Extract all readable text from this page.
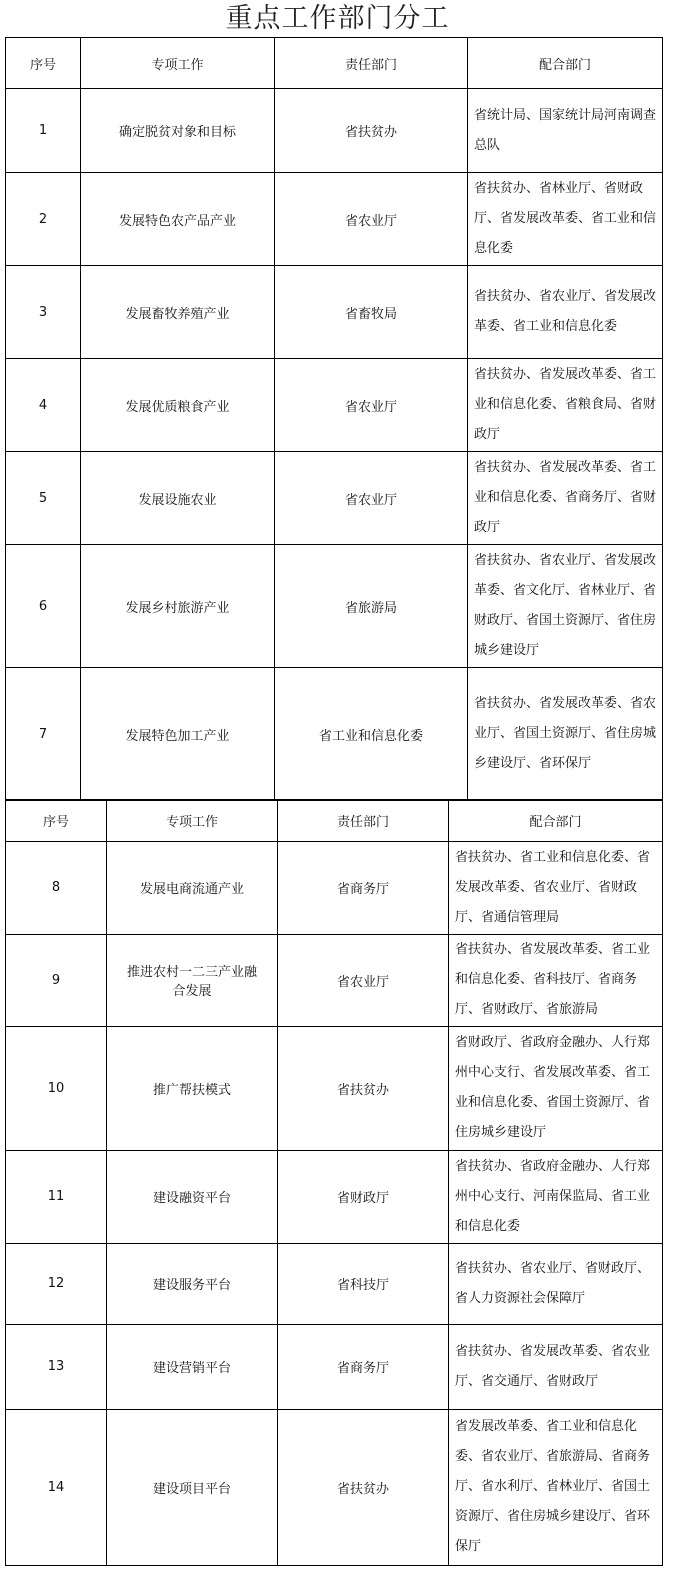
重点工作部门分工
序号	专项工作	责任部门	配合部门
1	确定脱贫对象和目标	省扶贫办	省统计局、国家统计局河南调查总队
2	发展特色农产品产业	省农业厅	省扶贫办、省林业厅、省财政厅、省发展改革委、省工业和信息化委
3	发展畜牧养殖产业	省畜牧局	省扶贫办、省农业厅、省发展改革委、省工业和信息化委
4	发展优质粮食产业	省农业厅	省扶贫办、省发展改革委、省工业和信息化委、省粮食局、省财政厅
5	发展设施农业	省农业厅	省扶贫办、省发展改革委、省工业和信息化委、省商务厅、省财政厅
6	发展乡村旅游产业	省旅游局	省扶贫办、省农业厅、省发展改革委、省文化厅、省林业厅、省财政厅、省国土资源厅、省住房城乡建设厅
7	发展特色加工产业	省工业和信息化委	省扶贫办、省发展改革委、省农业厅、省国土资源厅、省住房城乡建设厅、省环保厅
序号	专项工作	责任部门	配合部门
8	发展电商流通产业	省商务厅	省扶贫办、省工业和信息化委、省发展改革委、省农业厅、省财政厅、省通信管理局
9	推进农村一二三产业融合发展	省农业厅	省扶贫办、省发展改革委、省工业和信息化委、省科技厅、省商务厅、省财政厅、省旅游局
10	推广帮扶模式	省扶贫办	省财政厅、省政府金融办、人行郑州中心支行、省发展改革委、省工业和信息化委、省国土资源厅、省住房城乡建设厅
11	建设融资平台	省财政厅	省扶贫办、省政府金融办、人行郑州中心支行、河南保监局、省工业和信息化委
12	建设服务平台	省科技厅	省扶贫办、省农业厅、省财政厅、省人力资源社会保障厅
13	建设营销平台	省商务厅	省扶贫办、省发展改革委、省农业厅、省交通厅、省财政厅
14	建设项目平台	省扶贫办	省发展改革委、省工业和信息化委、省农业厅、省旅游局、省商务厅、省水利厅、省林业厅、省国土资源厅、省住房城乡建设厅、省环保厅
